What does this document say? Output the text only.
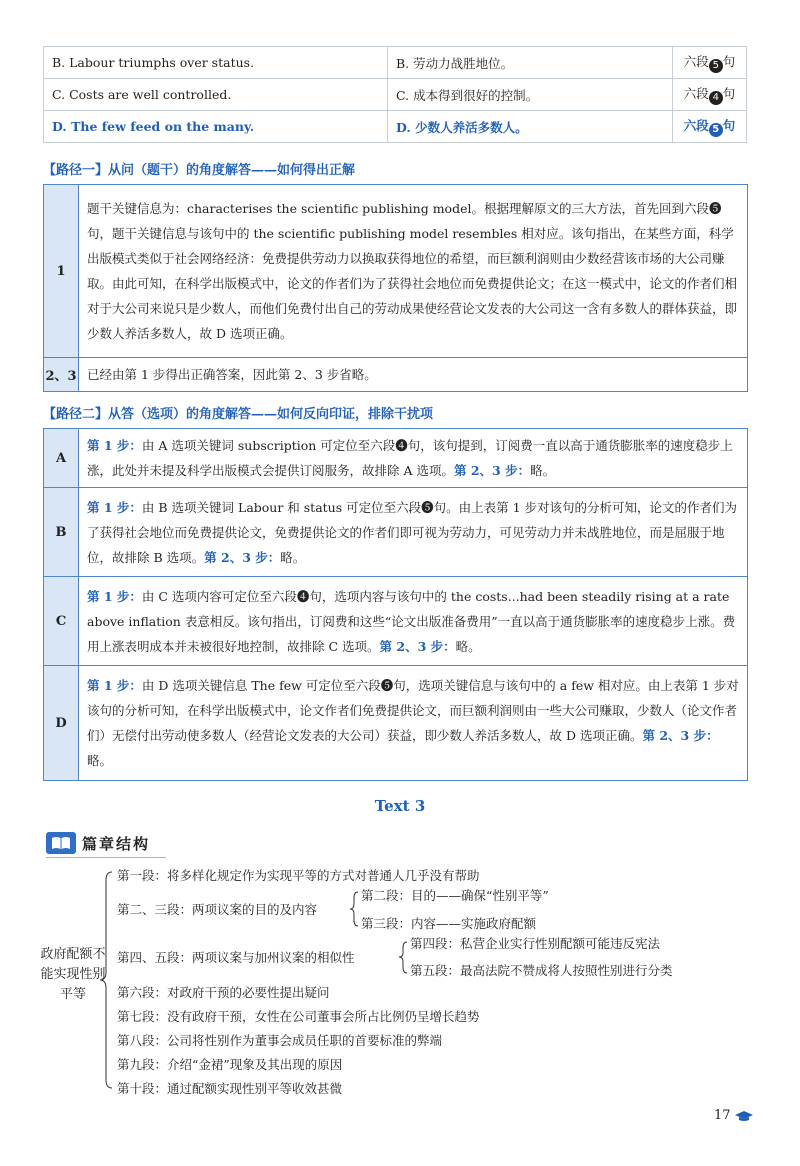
B. Labour triumphs over status.	B. 劳动力战胜地位。	六段 5 句
C. Costs are well controlled.	C. 成本得到很好的控制。	六段 4 句
D. The few feed on the many.	D. 少数人养活多数人。	六段 5 句
【路径一】从问（题干）的角度解答——如何得出正解
1	题干关键信息为：characterises the scientific publishing model。根据理解原文的三大方法，首先回到六段❺句，题干关键信息与该句中的 the scientific publishing model resembles 相对应。该句指出，在某些方面，科学出版模式类似于社会网络经济：免费提供劳动力以换取获得地位的希望，而巨额利润则由少数经营该市场的大公司赚取。由此可知，在科学出版模式中，论文的作者们为了获得社会地位而免费提供论文；在这一模式中，论文的作者们相对于大公司来说只是少数人，而他们免费付出自己的劳动成果使经营论文发表的大公司这一含有多数人的群体获益，即少数人养活多数人，故 D 选项正确。
2、3	已经由第 1 步得出正确答案，因此第 2、3 步省略。
【路径二】从答（选项）的角度解答——如何反向印证，排除干扰项
A	第 1 步：由 A 选项关键词 subscription 可定位至六段❹句，该句提到，订阅费一直以高于通货膨胀率的速度稳步上涨，此处并未提及科学出版模式会提供订阅服务，故排除 A 选项。第 2、3 步：略。
B	第 1 步：由 B 选项关键词 Labour 和 status 可定位至六段❺句。由上表第 1 步对该句的分析可知，论文的作者们为了获得社会地位而免费提供论文，免费提供论文的作者们即可视为劳动力，可见劳动力并未战胜地位，而是屈服于地位，故排除 B 选项。第 2、3 步：略。
C	第 1 步：由 C 选项内容可定位至六段❹句，选项内容与该句中的 the costs...had been steadily rising at a rate above inflation 表意相反。该句指出，订阅费和这些“论文出版准备费用”一直以高于通货膨胀率的速度稳步上涨。费用上涨表明成本并未被很好地控制，故排除 C 选项。第 2、3 步：略。
D	第 1 步：由 D 选项关键信息 The few 可定位至六段❺句，选项关键信息与该句中的 a few 相对应。由上表第 1 步对该句的分析可知，在科学出版模式中，论文作者们免费提供论文，而巨额利润则由一些大公司赚取，少数人（论文作者们）无偿付出劳动使多数人（经营论文发表的大公司）获益，即少数人养活多数人，故 D 选项正确。第 2、3 步：略。
Text 3
篇章结构
政府配额不能实现性别平等
第一段：将多样化规定作为实现平等的方式对普通人几乎没有帮助
第二、三段：两项议案的目的及内容
第二段：目的——确保“性别平等”
第三段：内容——实施政府配额
第四、五段：两项议案与加州议案的相似性
第四段：私营企业实行性别配额可能违反宪法
第五段：最高法院不赞成将人按照性别进行分类
第六段：对政府干预的必要性提出疑问
第七段：没有政府干预，女性在公司董事会所占比例仍呈增长趋势
第八段：公司将性别作为董事会成员任职的首要标准的弊端
第九段：介绍“金裙”现象及其出现的原因
第十段：通过配额实现性别平等收效甚微
17
